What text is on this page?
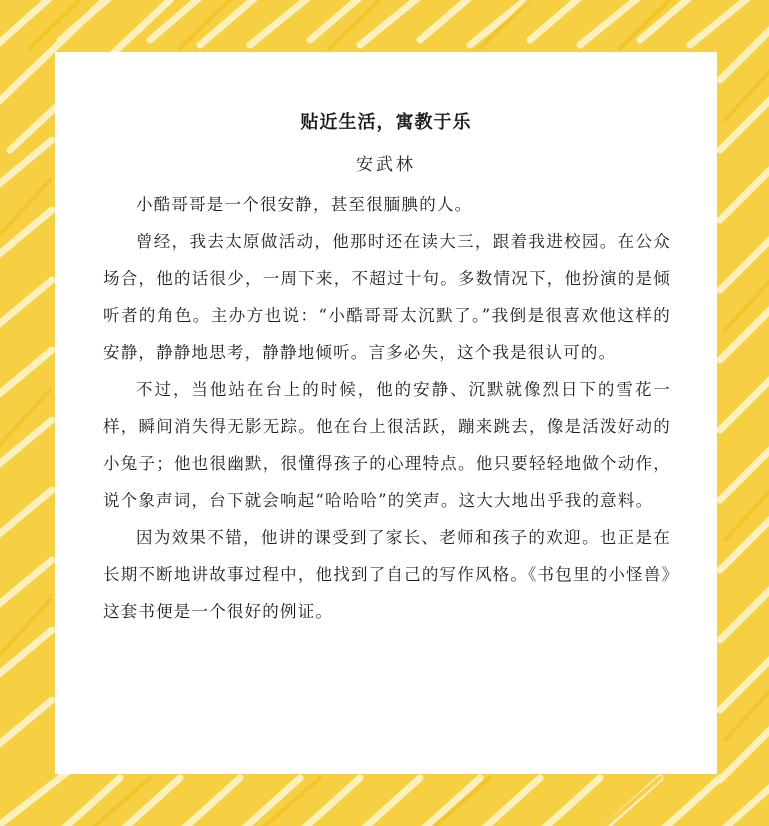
贴近生活，寓教于乐
安武林

小酷哥哥是一个很安静，甚至很腼腆的人。

曾经，我去太原做活动，他那时还在读大三，跟着我进校园。在公众场合，他的话很少，一周下来，不超过十句。多数情况下，他扮演的是倾听者的角色。主办方也说：“小酷哥哥太沉默了。”我倒是很喜欢他这样的安静，静静地思考，静静地倾听。言多必失，这个我是很认可的。

不过，当他站在台上的时候，他的安静、沉默就像烈日下的雪花一样，瞬间消失得无影无踪。他在台上很活跃，蹦来跳去，像是活泼好动的小兔子；他也很幽默，很懂得孩子的心理特点。他只要轻轻地做个动作，说个象声词，台下就会响起“哈哈哈”的笑声。这大大地出乎我的意料。

因为效果不错，他讲的课受到了家长、老师和孩子的欢迎。也正是在长期不断地讲故事过程中，他找到了自己的写作风格。《书包里的小怪兽》这套书便是一个很好的例证。
